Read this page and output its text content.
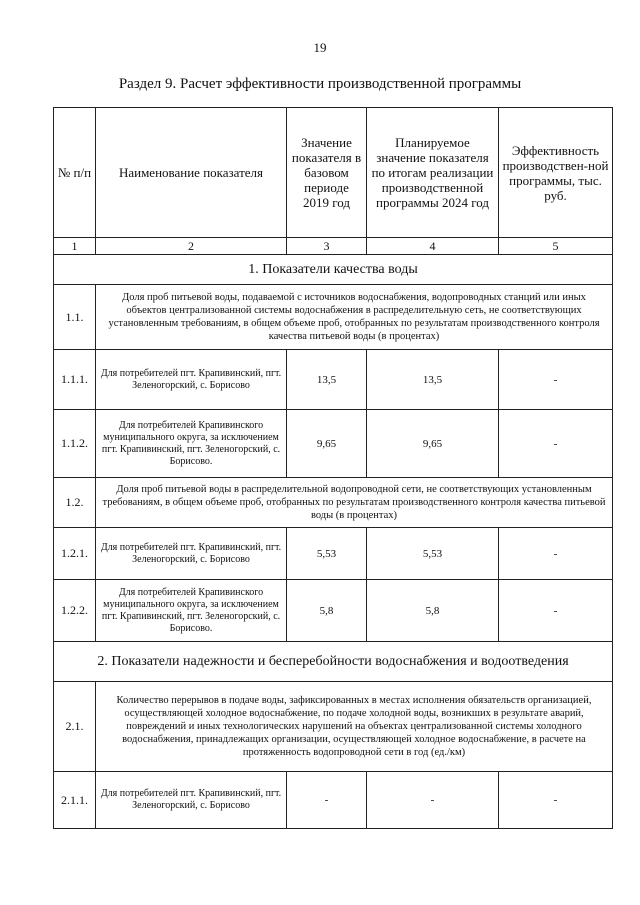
19
Раздел 9. Расчет эффективности производственной программы
№ п/п	Наименование показателя	Значение показателя в базовом периоде 2019 год	Планируемое значение показателя по итогам реализации производственной программы 2024 год	Эффективность производствен-ной программы, тыс. руб.
1	2	3	4	5
1. Показатели качества воды				
1.1.	Доля проб питьевой воды, подаваемой с источников водоснабжения, водопроводных станций или иных объектов централизованной системы водоснабжения в распределительную сеть, не соответствующих установленным требованиям, в общем объеме проб, отобранных по результатам производственного контроля качества питьевой воды (в процентах)			
1.1.1.	Для потребителей пгт. Крапивинский, пгт. Зеленогорский, с. Борисово	13,5	13,5	-
1.1.2.	Для потребителей Крапивинского муниципального округа, за исключением пгт. Крапивинский, пгт. Зеленогорский, с. Борисово.	9,65	9,65	-
1.2.	Доля проб питьевой воды в распределительной водопроводной сети, не соответствующих установленным требованиям, в общем объеме проб, отобранных по результатам производственного контроля качества питьевой воды (в процентах)			
1.2.1.	Для потребителей пгт. Крапивинский, пгт. Зеленогорский, с. Борисово	5,53	5,53	-
1.2.2.	Для потребителей Крапивинского муниципального округа, за исключением пгт. Крапивинский, пгт. Зеленогорский, с. Борисово.	5,8	5,8	-
2. Показатели надежности и бесперебойности водоснабжения и водоотведения				
2.1.	Количество перерывов в подаче воды, зафиксированных в местах исполнения обязательств организацией, осуществляющей холодное водоснабжение, по подаче холодной воды, возникших в результате аварий, повреждений и иных технологических нарушений на объектах централизованной системы холодного водоснабжения, принадлежащих организации, осуществляющей холодное водоснабжение, в расчете на протяженность водопроводной сети в год (ед./км)			
2.1.1.	Для потребителей пгт. Крапивинский, пгт. Зеленогорский, с. Борисово	-	-	-
